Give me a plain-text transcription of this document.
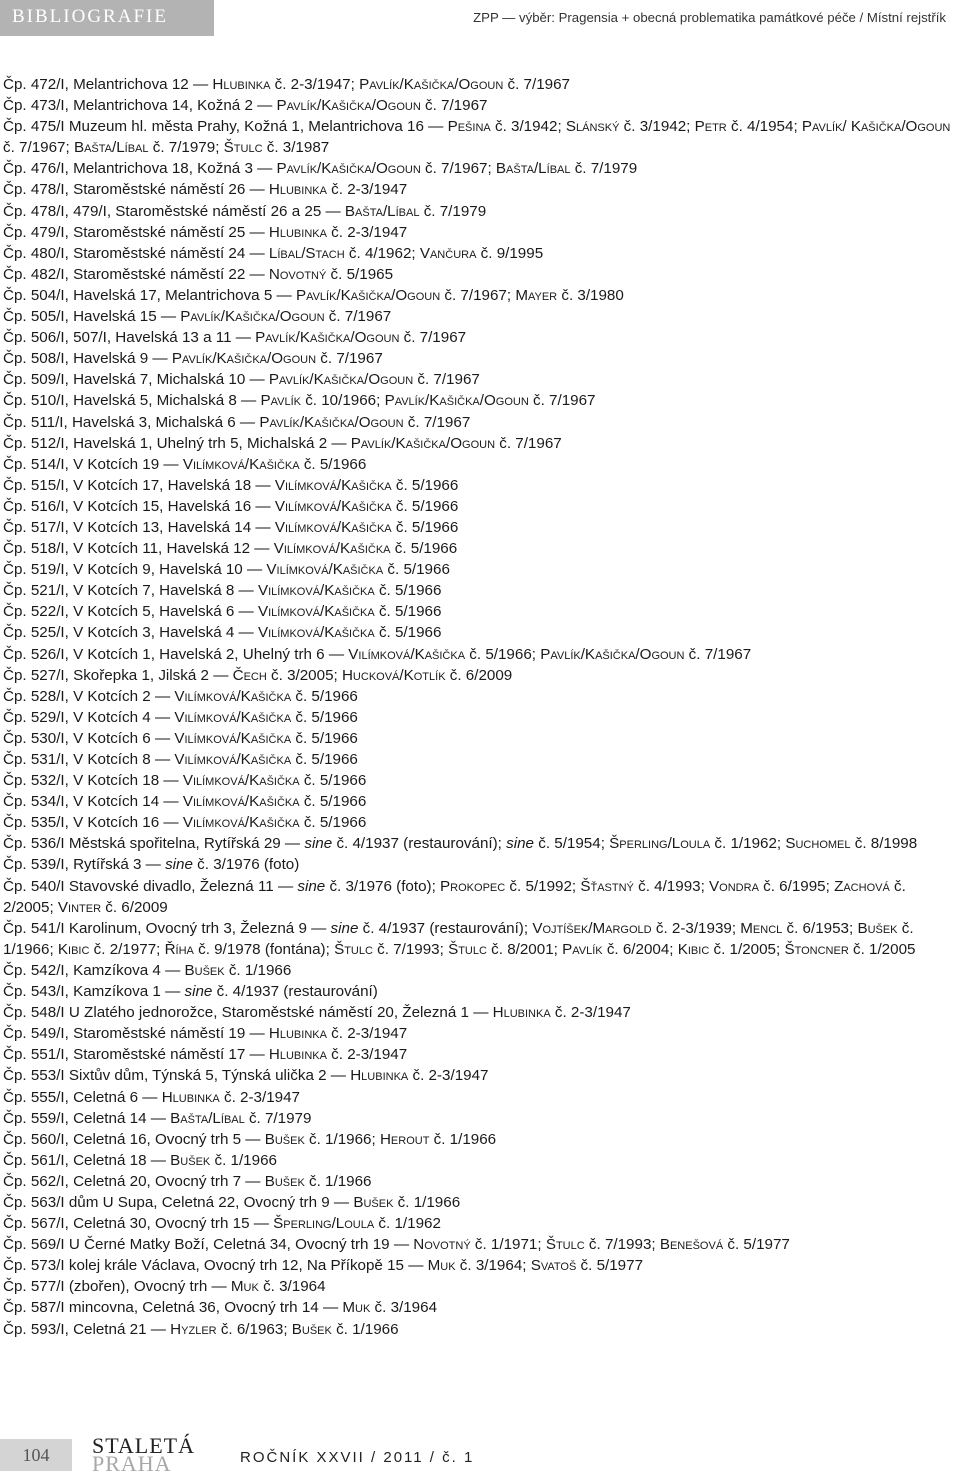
BIBLIOGRAFIE	ZPP — výběr: Pragensia + obecná problematika památkové péče / Místní rejstřík
Čp. 472/I, Melantrichova 12 — Hlubinka č. 2-3/1947; Pavlík/Kašička/Ogoun č. 7/1967
Čp. 473/I, Melantrichova 14, Kožná 2 — Pavlík/Kašička/Ogoun č. 7/1967
Čp. 475/I Muzeum hl. města Prahy, Kožná 1, Melantrichova 16 — Pešina č. 3/1942; Slánský č. 3/1942; Petr č. 4/1954; Pavlík/ Kašička/Ogoun č. 7/1967; Bašta/Líbal č. 7/1979; Štulc č. 3/1987
Čp. 476/I, Melantrichova 18, Kožná 3 — Pavlík/Kašička/Ogoun č. 7/1967; Bašta/Líbal č. 7/1979
Čp. 478/I, Staroměstské náměstí 26 — Hlubinka č. 2-3/1947
Čp. 478/I, 479/I, Staroměstské náměstí 26 a 25 — Bašta/Líbal č. 7/1979
Čp. 479/I, Staroměstské náměstí 25 — Hlubinka č. 2-3/1947
Čp. 480/I, Staroměstské náměstí 24 — Líbal/Stach č. 4/1962; Vančura č. 9/1995
Čp. 482/I, Staroměstské náměstí 22 — Novotný č. 5/1965
Čp. 504/I, Havelská 17, Melantrichova 5 — Pavlík/Kašička/Ogoun č. 7/1967; Mayer č. 3/1980
Čp. 505/I, Havelská 15 — Pavlík/Kašička/Ogoun č. 7/1967
Čp. 506/I, 507/I, Havelská 13 a 11 — Pavlík/Kašička/Ogoun č. 7/1967
Čp. 508/I, Havelská 9 — Pavlík/Kašička/Ogoun č. 7/1967
Čp. 509/I, Havelská 7, Michalská 10 — Pavlík/Kašička/Ogoun č. 7/1967
Čp. 510/I, Havelská 5, Michalská 8 — Pavlík č. 10/1966; Pavlík/Kašička/Ogoun č. 7/1967
Čp. 511/I, Havelská 3, Michalská 6 — Pavlík/Kašička/Ogoun č. 7/1967
Čp. 512/I, Havelská 1, Uhelný trh 5, Michalská 2 — Pavlík/Kašička/Ogoun č. 7/1967
Čp. 514/I, V Kotcích 19 — Vilímková/Kašička č. 5/1966
Čp. 515/I, V Kotcích 17, Havelská 18 — Vilímková/Kašička č. 5/1966
Čp. 516/I, V Kotcích 15, Havelská 16 — Vilímková/Kašička č. 5/1966
Čp. 517/I, V Kotcích 13, Havelská 14 — Vilímková/Kašička č. 5/1966
Čp. 518/I, V Kotcích 11, Havelská 12 — Vilímková/Kašička č. 5/1966
Čp. 519/I, V Kotcích 9, Havelská 10 — Vilímková/Kašička č. 5/1966
Čp. 521/I, V Kotcích 7, Havelská 8 — Vilímková/Kašička č. 5/1966
Čp. 522/I, V Kotcích 5, Havelská 6 — Vilímková/Kašička č. 5/1966
Čp. 525/I, V Kotcích 3, Havelská 4 — Vilímková/Kašička č. 5/1966
Čp. 526/I, V Kotcích 1, Havelská 2, Uhelný trh 6 — Vilímková/Kašička č. 5/1966; Pavlík/Kašička/Ogoun č. 7/1967
Čp. 527/I, Skořepka 1, Jilská 2 — Čech č. 3/2005; Hucková/Kotlík č. 6/2009
Čp. 528/I, V Kotcích 2 — Vilímková/Kašička č. 5/1966
Čp. 529/I, V Kotcích 4 — Vilímková/Kašička č. 5/1966
Čp. 530/I, V Kotcích 6 — Vilímková/Kašička č. 5/1966
Čp. 531/I, V Kotcích 8 — Vilímková/Kašička č. 5/1966
Čp. 532/I, V Kotcích 18 — Vilímková/Kašička č. 5/1966
Čp. 534/I, V Kotcích 14 — Vilímková/Kašička č. 5/1966
Čp. 535/I, V Kotcích 16 — Vilímková/Kašička č. 5/1966
Čp. 536/I Městská spořitelna, Rytířská 29 — sine č. 4/1937 (restaurování); sine č. 5/1954; Šperling/Loula č. 1/1962; Suchomel č. 8/1998
Čp. 539/I, Rytířská 3 — sine č. 3/1976 (foto)
Čp. 540/I Stavovské divadlo, Železná 11 — sine č. 3/1976 (foto); Prokopec č. 5/1992; Šťastný č. 4/1993; Vondra č. 6/1995; Zachová č. 2/2005; Vinter č. 6/2009
Čp. 541/I Karolinum, Ovocný trh 3, Železná 9 — sine č. 4/1937 (restaurování); Vojtíšek/Margold č. 2-3/1939; Mencl č. 6/1953; Bušek č. 1/1966; Kibic č. 2/1977; Říha č. 9/1978 (fontána); Štulc č. 7/1993; Štulc č. 8/2001; Pavlík č. 6/2004; Kibic č. 1/2005; Štoncner č. 1/2005
Čp. 542/I, Kamzíkova 4 — Bušek č. 1/1966
Čp. 543/I, Kamzíkova 1 — sine č. 4/1937 (restaurování)
Čp. 548/I U Zlatého jednorožce, Staroměstské náměstí 20, Železná 1 — Hlubinka č. 2-3/1947
Čp. 549/I, Staroměstské náměstí 19 — Hlubinka č. 2-3/1947
Čp. 551/I, Staroměstské náměstí 17 — Hlubinka č. 2-3/1947
Čp. 553/I Sixtův dům, Týnská 5, Týnská ulička 2 — Hlubinka č. 2-3/1947
Čp. 555/I, Celetná 6 — Hlubinka č. 2-3/1947
Čp. 559/I, Celetná 14 — Bašta/Líbal č. 7/1979
Čp. 560/I, Celetná 16, Ovocný trh 5 — Bušek č. 1/1966; Herout č. 1/1966
Čp. 561/I, Celetná 18 — Bušek č. 1/1966
Čp. 562/I, Celetná 20, Ovocný trh 7 — Bušek č. 1/1966
Čp. 563/I dům U Supa, Celetná 22, Ovocný trh 9 — Bušek č. 1/1966
Čp. 567/I, Celetná 30, Ovocný trh 15 — Šperling/Loula č. 1/1962
Čp. 569/I U Černé Matky Boží, Celetná 34, Ovocný trh 19 — Novotný č. 1/1971; Štulc č. 7/1993; Benešová č. 5/1977
Čp. 573/I kolej krále Václava, Ovocný trh 12, Na Příkopě 15 — Muk č. 3/1964; Svatoš č. 5/1977
Čp. 577/I (zbořen), Ovocný trh — Muk č. 3/1964
Čp. 587/I mincovna, Celetná 36, Ovocný trh 14 — Muk č. 3/1964
Čp. 593/I, Celetná 21 — Hyzler č. 6/1963; Bušek č. 1/1966
104	STALETÁ
PRAHA	ROČNÍK XXVII / 2011 / č. 1
